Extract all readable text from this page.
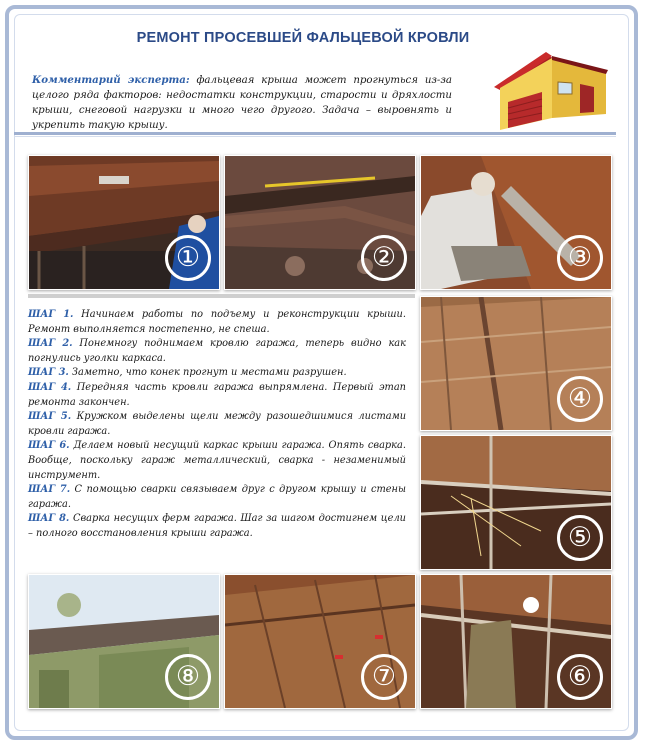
РЕМОНТ ПРОСЕВШЕЙ ФАЛЬЦЕВОЙ КРОВЛИ
Комментарий эксперта: фальцевая крыша может прогнуться из-за целого ряда факторов: недостатки конструкции, старости и дряхлости крыши, снеговой нагрузки и много чего другого. Задача – выровнять и укрепить такую крышу.
①	②	③
④
⑤
⑥
⑦
⑧

ШАГ 1. Начинаем работы по подъему и реконструкции крыши. Ремонт выполняется постепенно, не спеша.

ШАГ 2. Понемногу поднимаем кровлю гаража, теперь видно как погнулись уголки каркаса.

ШАГ 3. Заметно, что конек прогнут и местами разрушен.

ШАГ 4. Передняя часть кровли гаража выпрямлена. Первый этап ремонта закончен.

ШАГ 5. Кружком выделены щели между разошедшимися листами кровли гаража.

ШАГ 6. Делаем новый несущий каркас крыши гаража. Опять сварка. Вообще, поскольку гараж металлический, сварка - незаменимый инструмент.

ШАГ 7. С помощью сварки связываем друг с другом крышу и стены гаража.

ШАГ 8. Сварка несущих ферм гаража. Шаг за шагом достигнем цели – полного восстановления крыши гаража.
